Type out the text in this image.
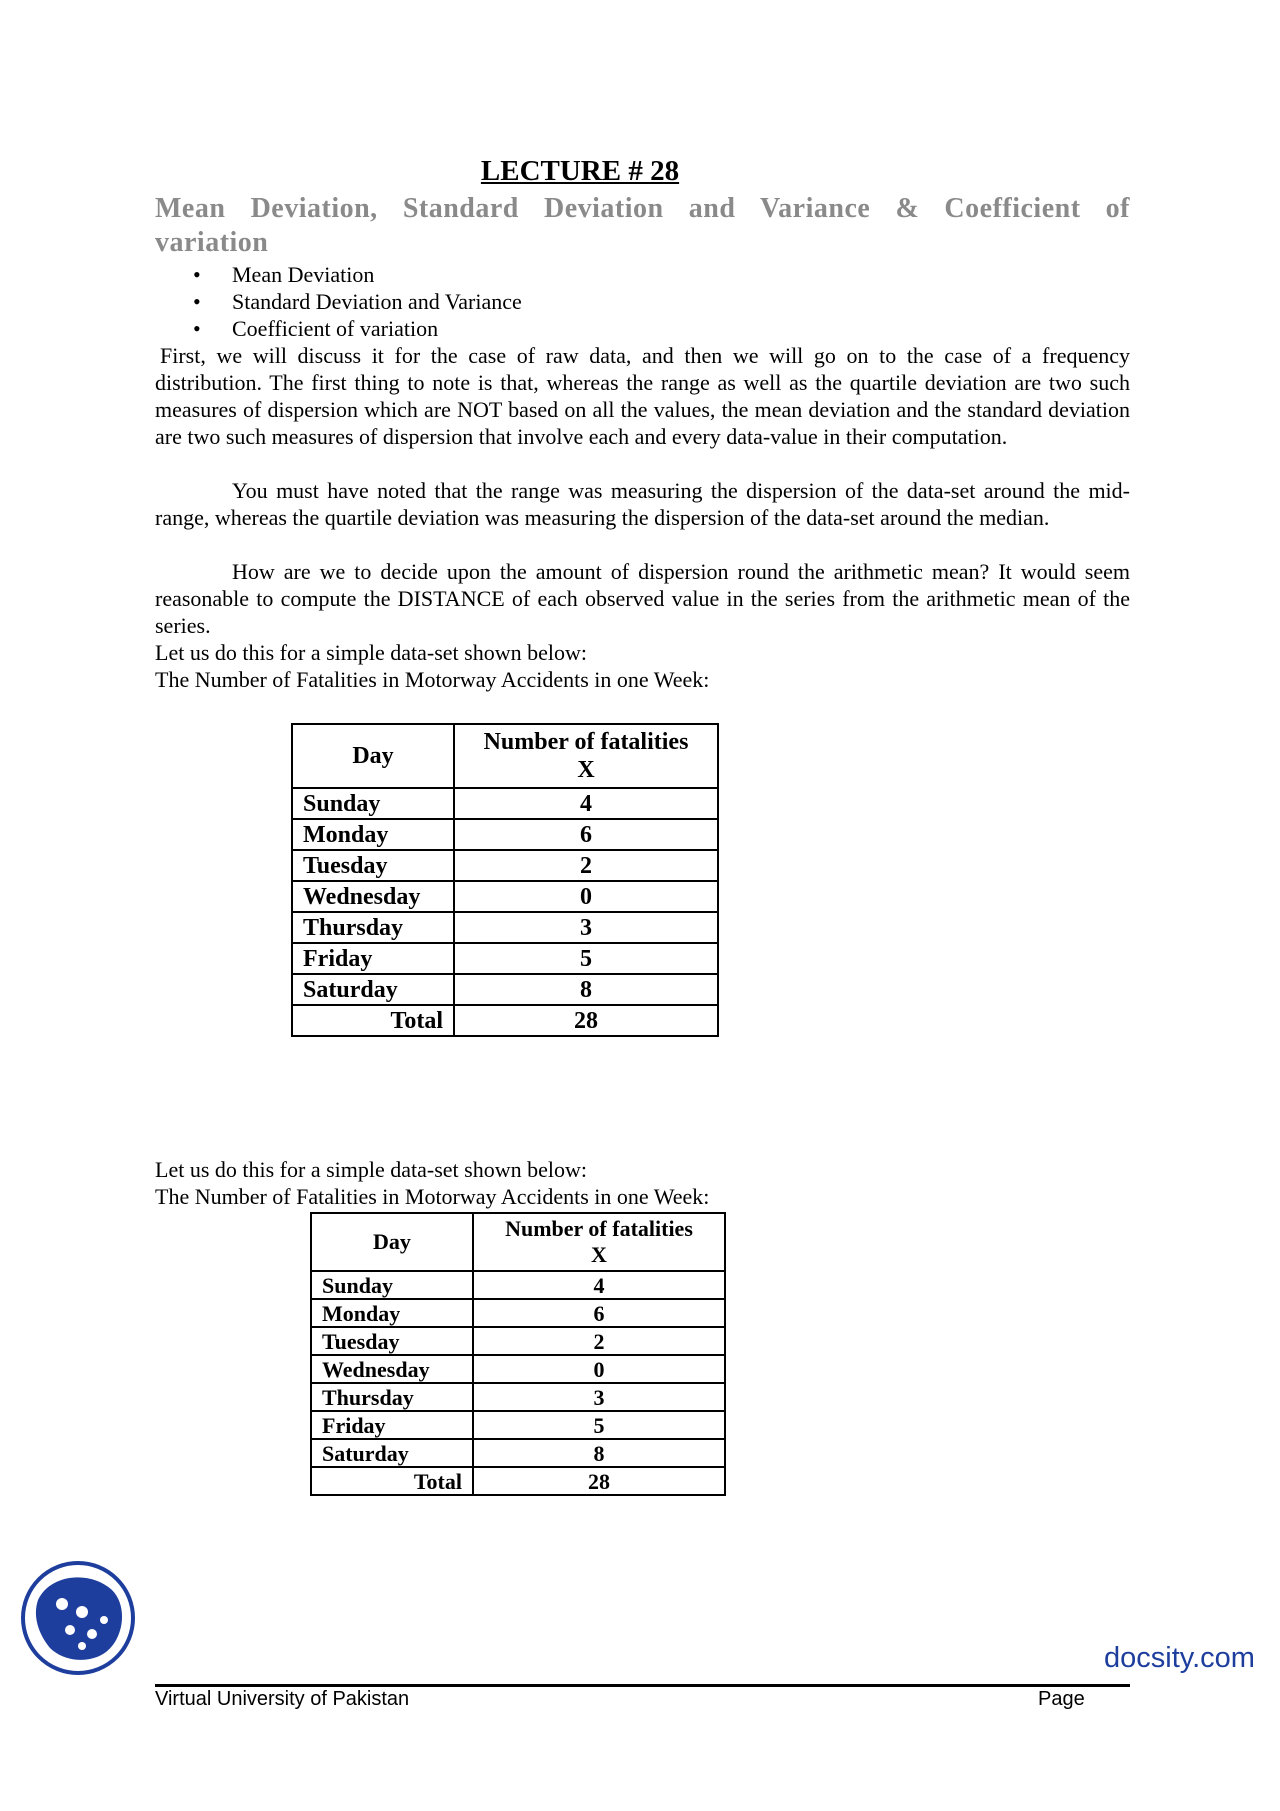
LECTURE # 28
Mean Deviation, Standard Deviation and Variance & Coefficient of variation
• Mean Deviation
• Standard Deviation and Variance
• Coefficient of variation

First, we will discuss it for the case of raw data, and then we will go on to the case of a frequency distribution. The first thing to note is that, whereas the range as well as the quartile deviation are two such measures of dispersion which are NOT based on all the values, the mean deviation and the standard deviation are two such measures of dispersion that involve each and every data-value in their computation.

You must have noted that the range was measuring the dispersion of the data-set around the mid-range, whereas the quartile deviation was measuring the dispersion of the data-set around the median.

How are we to decide upon the amount of dispersion round the arithmetic mean? It would seem reasonable to compute the DISTANCE of each observed value in the series from the arithmetic mean of the series.

Let us do this for a simple data-set shown below:

The Number of Fatalities in Motorway Accidents in one Week:

Day	Number of fatalities
X
Sunday	4
Monday	6
Tuesday	2
Wednesday	0
Thursday	3
Friday	5
Saturday	8
Total	28

Let us do this for a simple data-set shown below:

The Number of Fatalities in Motorway Accidents in one Week:

Day	Number of fatalities
X
Sunday	4
Monday	6
Tuesday	2
Wednesday	0
Thursday	3
Friday	5
Saturday	8
Total	28
docsity.com
Virtual University of Pakistan	Page
